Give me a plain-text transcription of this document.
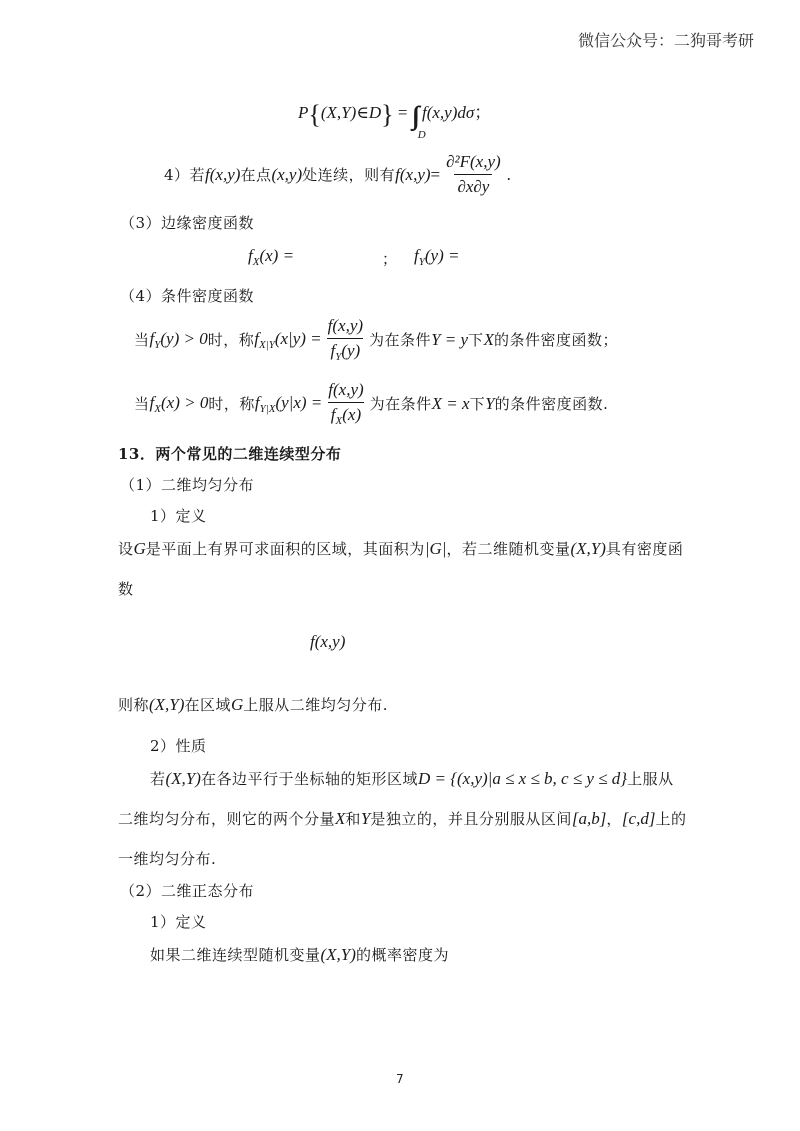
微信公众号：二狗哥考研
P{(X,Y)∈D} = ∫∫
D
f(x,y)dσ；
4）若 f(x,y) 在点 (x,y) 处连续，则有 $f(x,y) = \frac{\text{∂²F(x,y)}}{\partial x\partial y}$ .
（3）边缘密度函数
$f_X(x)$ =	； $f_Y(y)$ =
（4）条件密度函数
当 $f_Y(y) > 0$ 时，称 $f_{X|Y}(x|y) = \frac{f(x,y)}{f_Y(y)}$ 为在条件 Y = y 下 X 的条件密度函数；
当 $f_X(x) > 0$ 时，称 $f_{Y|X}(y|x) = \frac{f(x,y)}{f_X(x)}$ 为在条件 X = x 下 Y 的条件密度函数.
13．两个常见的二维连续型分布
（1）二维均匀分布
1）定义
设 G 是平面上有界可求面积的区域，其面积为 |G| ，若二维随机变量 (X,Y) 具有密度函
数
f(x,y)
则称 (X,Y) 在区域 G 上服从二维均匀分布.
2）性质
若 (X,Y) 在各边平行于坐标轴的矩形区域 D = {(x,y)|a ≤ x ≤ b, c ≤ y ≤ d} 上服从
二维均匀分布，则它的两个分量 X 和 Y 是独立的，并且分别服从区间 [a,b] ， [c,d] 上的
一维均匀分布.
（2）二维正态分布
1）定义
如果二维连续型随机变量 (X,Y) 的概率密度为
7
